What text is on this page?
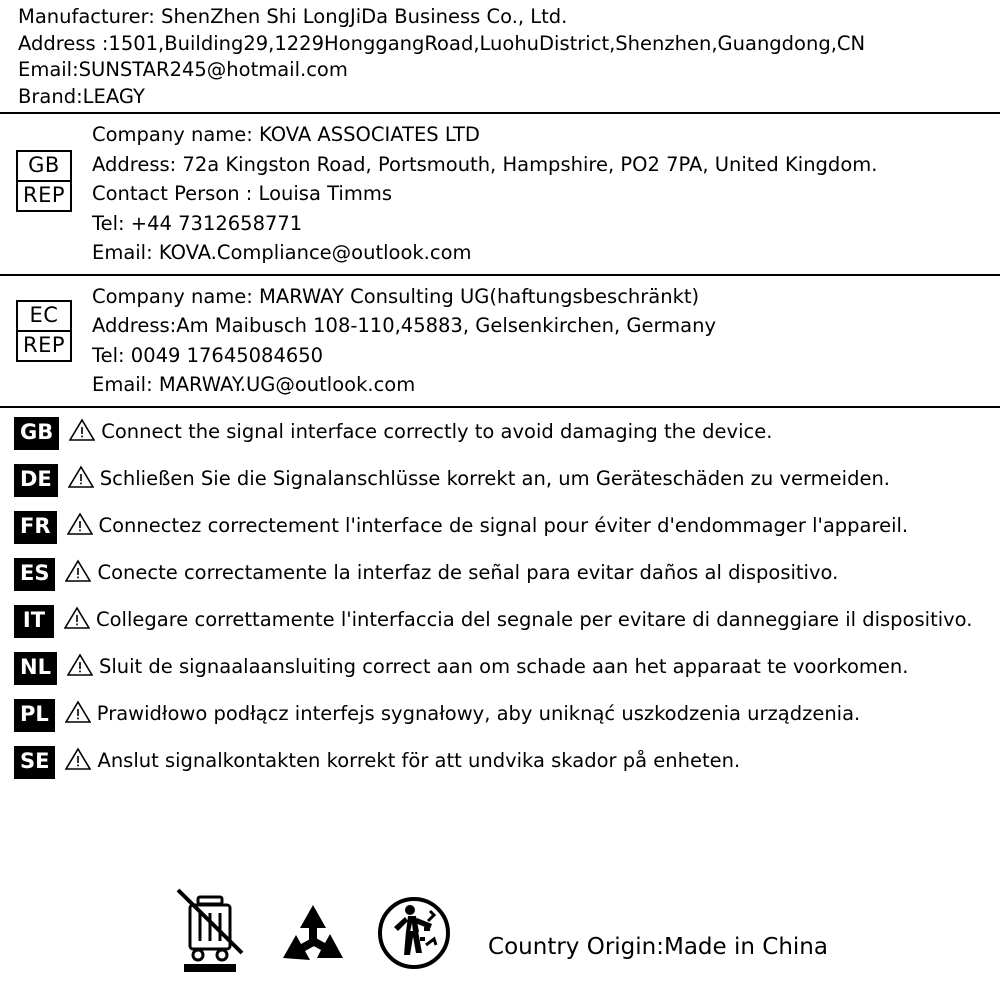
Manufacturer: ShenZhen Shi LongJiDa Business Co., Ltd.
Address :1501,Building29,1229HonggangRoad,LuohuDistrict,Shenzhen,Guangdong,CN
Email:SUNSTAR245@hotmail.com
Brand:LEAGY
GB
REP
Company name: KOVA ASSOCIATES LTD
Address: 72a Kingston Road, Portsmouth, Hampshire, PO2 7PA, United Kingdom.
Contact Person : Louisa Timms
Tel: +44 7312658771
Email: KOVA.Compliance@outlook.com
EC
REP
Company name: MARWAY Consulting UG(haftungsbeschränkt)
Address:Am Maibusch 108-110,45883, Gelsenkirchen, Germany
Tel: 0049 17645084650
Email: MARWAY.UG@outlook.com
GB	Connect the signal interface correctly to avoid damaging the device.
DE	Schließen Sie die Signalanschlüsse korrekt an, um Geräteschäden zu vermeiden.
FR	Connectez correctement l'interface de signal pour éviter d'endommager l'appareil.
ES	Conecte correctamente la interfaz de señal para evitar daños al dispositivo.
IT	Collegare correttamente l'interfaccia del segnale per evitare di danneggiare il dispositivo.
NL	Sluit de signaalaansluiting correct aan om schade aan het apparaat te voorkomen.
PL	Prawidłowo podłącz interfejs sygnałowy, aby uniknąć uszkodzenia urządzenia.
SE	Anslut signalkontakten korrekt för att undvika skador på enheten.
Country Origin:Made in China
